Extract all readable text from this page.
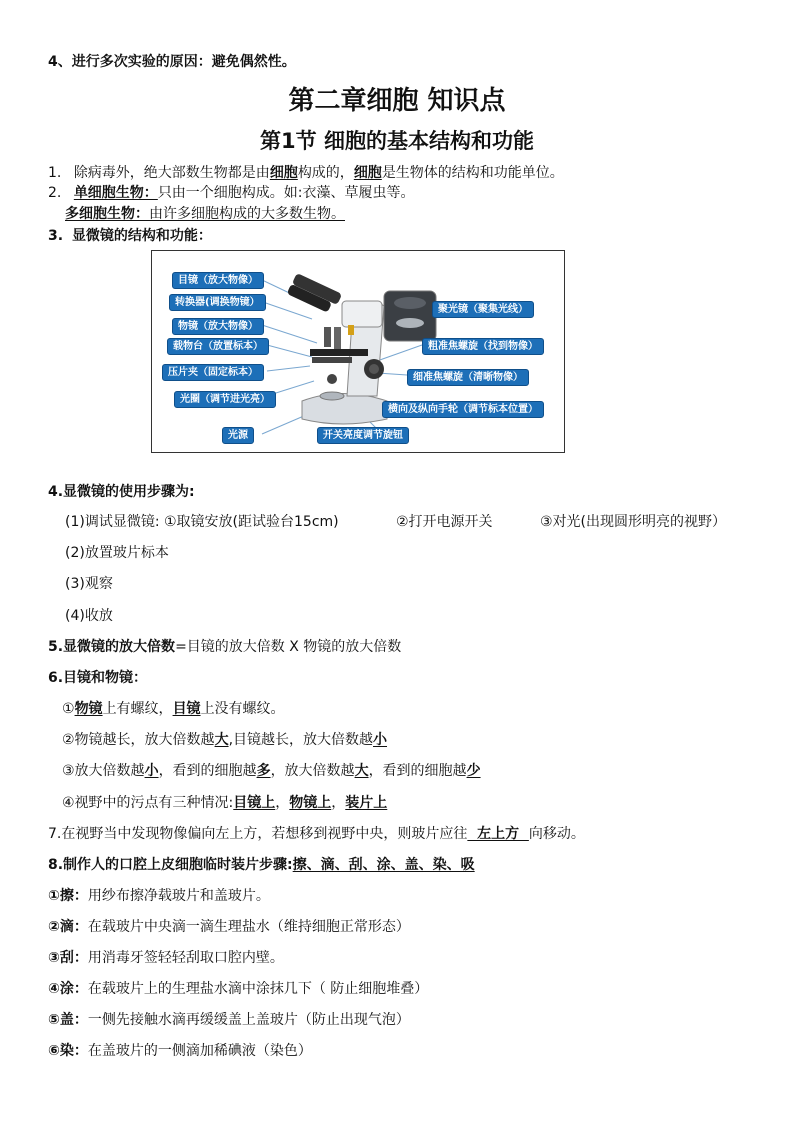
4、进行多次实验的原因：避免偶然性。
第二章细胞 知识点
第1节 细胞的基本结构和功能
1. 除病毒外，绝大部数生物都是由细胞构成的，细胞是生物体的结构和功能单位。
2. 单细胞生物：只由一个细胞构成。如:衣藻、草履虫等。
多细胞生物：由许多细胞构成的大多数生物。
3. 显微镜的结构和功能：
目镜（放大物像）
转换器(调换物镜）
物镜（放大物像）
载物台（放置标本）
压片夹（固定标本）
光圈（调节进光亮）
光源
聚光镜（聚集光线）
粗准焦螺旋（找到物像）
细准焦螺旋（清晰物像）
横向及纵向手轮（调节标本位置）
开关亮度调节旋钮
4.显微镜的使用步骤为:
(1)调试显微镜: ①取镜安放(距试验台15cm)	②打开电源开关	③对光(出现圆形明亮的视野）
(2)放置玻片标本
(3)观察
(4)收放
5.显微镜的放大倍数=目镜的放大倍数 X 物镜的放大倍数
6.目镜和物镜：
①物镜上有螺纹，目镜上没有螺纹。
②物镜越长，放大倍数越大,目镜越长，放大倍数越小
③放大倍数越小，看到的细胞越多，放大倍数越大，看到的细胞越少
④视野中的污点有三种情况:目镜上，物镜上，装片上
7.在视野当中发现物像偏向左上方，若想移到视野中央，则玻片应往  左上方  向移动。
8.制作人的口腔上皮细胞临时装片步骤:擦、滴、刮、涂、盖、染、吸
①擦：用纱布擦净载玻片和盖玻片。
②滴：在载玻片中央滴一滴生理盐水（维持细胞正常形态）
③刮：用消毒牙签轻轻刮取口腔内壁。
④涂：在载玻片上的生理盐水滴中涂抹几下（ 防止细胞堆叠）
⑤盖：一侧先接触水滴再缓缓盖上盖玻片（防止出现气泡）
⑥染：在盖玻片的一侧滴加稀碘液（染色）
